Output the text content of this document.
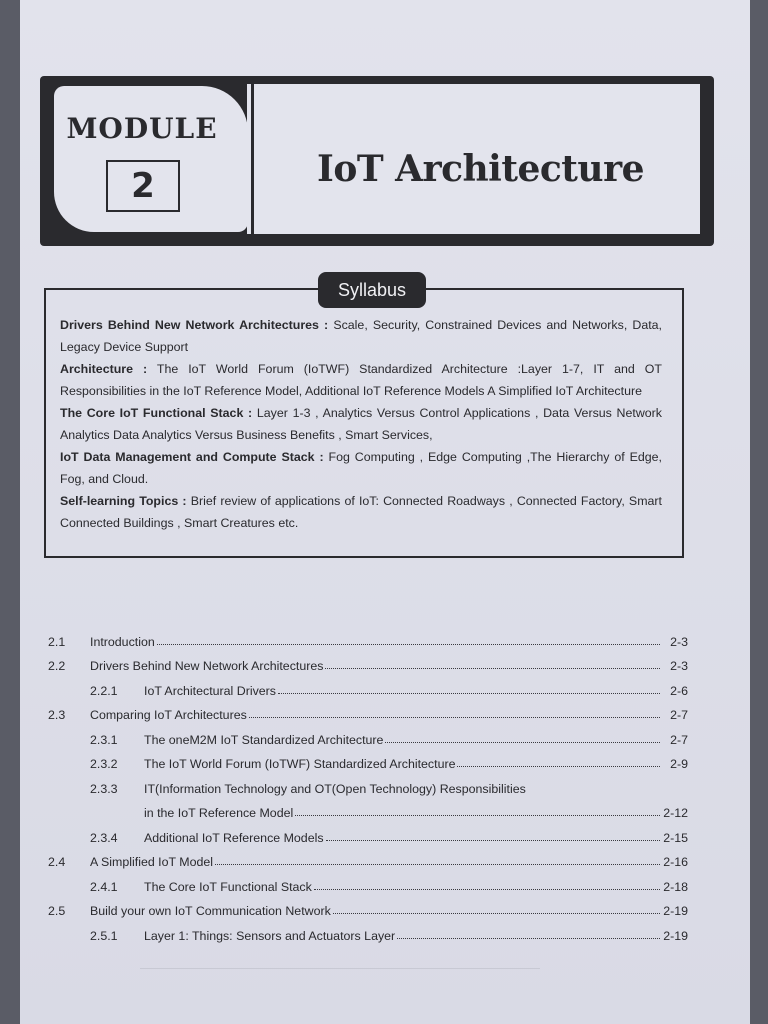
MODULE
2	IoT Architecture
Syllabus

Drivers Behind New Network Architectures : Scale, Security, Constrained Devices and Networks, Data, Legacy Device Support

Architecture : The IoT World Forum (IoTWF) Standardized Architecture :Layer 1-7, IT and OT Responsibilities in the IoT Reference Model, Additional IoT Reference Models A Simplified IoT Architecture

The Core IoT Functional Stack : Layer 1-3 , Analytics Versus Control Applications , Data Versus Network Analytics Data Analytics Versus Business Benefits , Smart Services,

IoT Data Management and Compute Stack : Fog Computing , Edge Computing ,The Hierarchy of Edge, Fog, and Cloud.

Self-learning Topics : Brief review of applications of IoT: Connected Roadways , Connected Factory, Smart Connected Buildings , Smart Creatures etc.

2.1	Introduction	2-3
2.2	Drivers Behind New Network Architectures	2-3
2.2.1	IoT Architectural Drivers	2-6
2.3	Comparing IoT Architectures	2-7
2.3.1	The oneM2M IoT Standardized Architecture	2-7
2.3.2	The IoT World Forum (IoTWF) Standardized Architecture	2-9
2.3.3	IT(Information Technology and OT(Open Technology) Responsibilities
in the IoT Reference Model	2-12
2.3.4	Additional IoT Reference Models	2-15
2.4	A Simplified IoT Model	2-16
2.4.1	The Core IoT Functional Stack	2-18
2.5	Build your own IoT Communication Network	2-19
2.5.1	Layer 1: Things: Sensors and Actuators Layer	2-19
